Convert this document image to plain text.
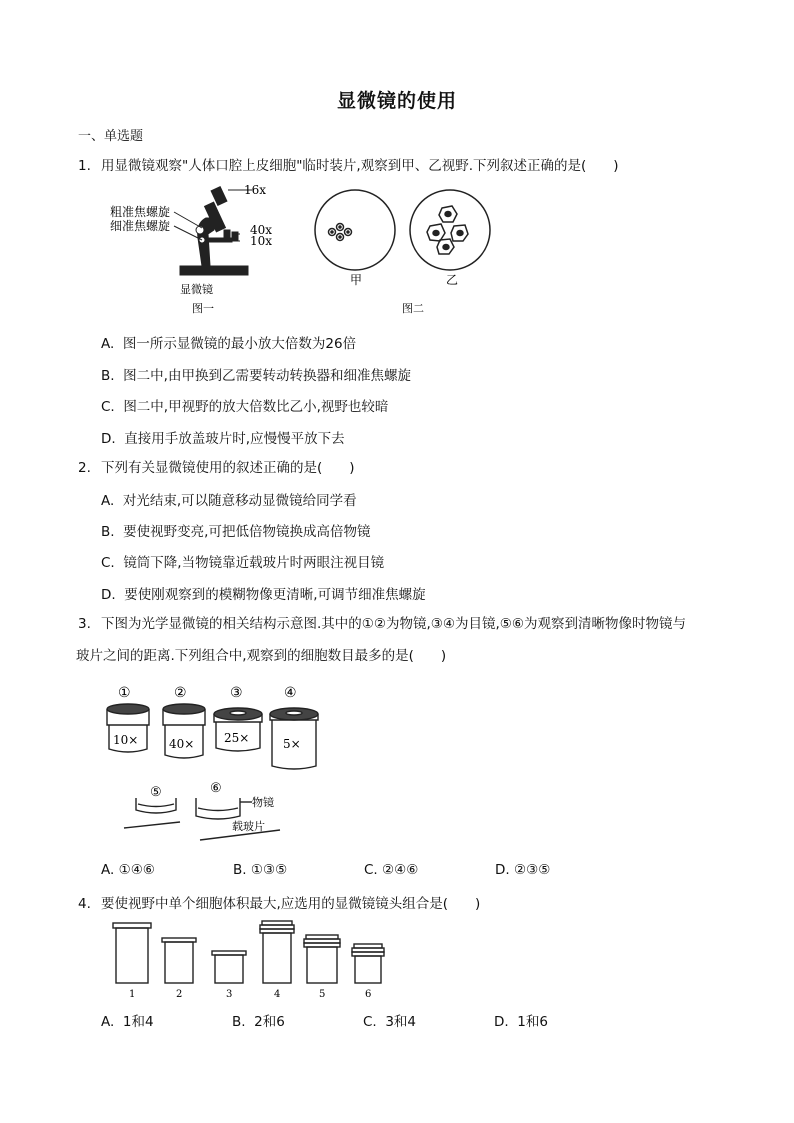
显微镜的使用
一、单选题
1. 用显微镜观察"人体口腔上皮细胞"临时装片,观察到甲、乙视野.下列叙述正确的是(　　)
粗准焦螺旋
细准焦螺旋
16x
40x
10x
显微镜
图一
甲	乙
图二
A. 图一所示显微镜的最小放大倍数为26倍
B. 图二中,由甲换到乙需要转动转换器和细准焦螺旋
C. 图二中,甲视野的放大倍数比乙小,视野也较暗
D. 直接用手放盖玻片时,应慢慢平放下去
2. 下列有关显微镜使用的叙述正确的是(　　)
A. 对光结束,可以随意移动显微镜给同学看
B. 要使视野变亮,可把低倍物镜换成高倍物镜
C. 镜筒下降,当物镜靠近载玻片时两眼注视目镜
D. 要使刚观察到的模糊物像更清晰,可调节细准焦螺旋
3. 下图为光学显微镜的相关结构示意图.其中的①②为物镜,③④为目镜,⑤⑥为观察到清晰物像时物镜与
玻片之间的距离.下列组合中,观察到的细胞数目最多的是(　　)
①	②	③	④
10×	40× 25×	5×
⑤	⑥
物镜
载玻片
A. ①④⑥	B. ①③⑤	C. ②④⑥	D. ②③⑤
4. 要使视野中单个细胞体积最大,应选用的显微镜镜头组合是(　　)
1	2	3	4	5	6
A. 1和4	B. 2和6	C. 3和4	D. 1和6
